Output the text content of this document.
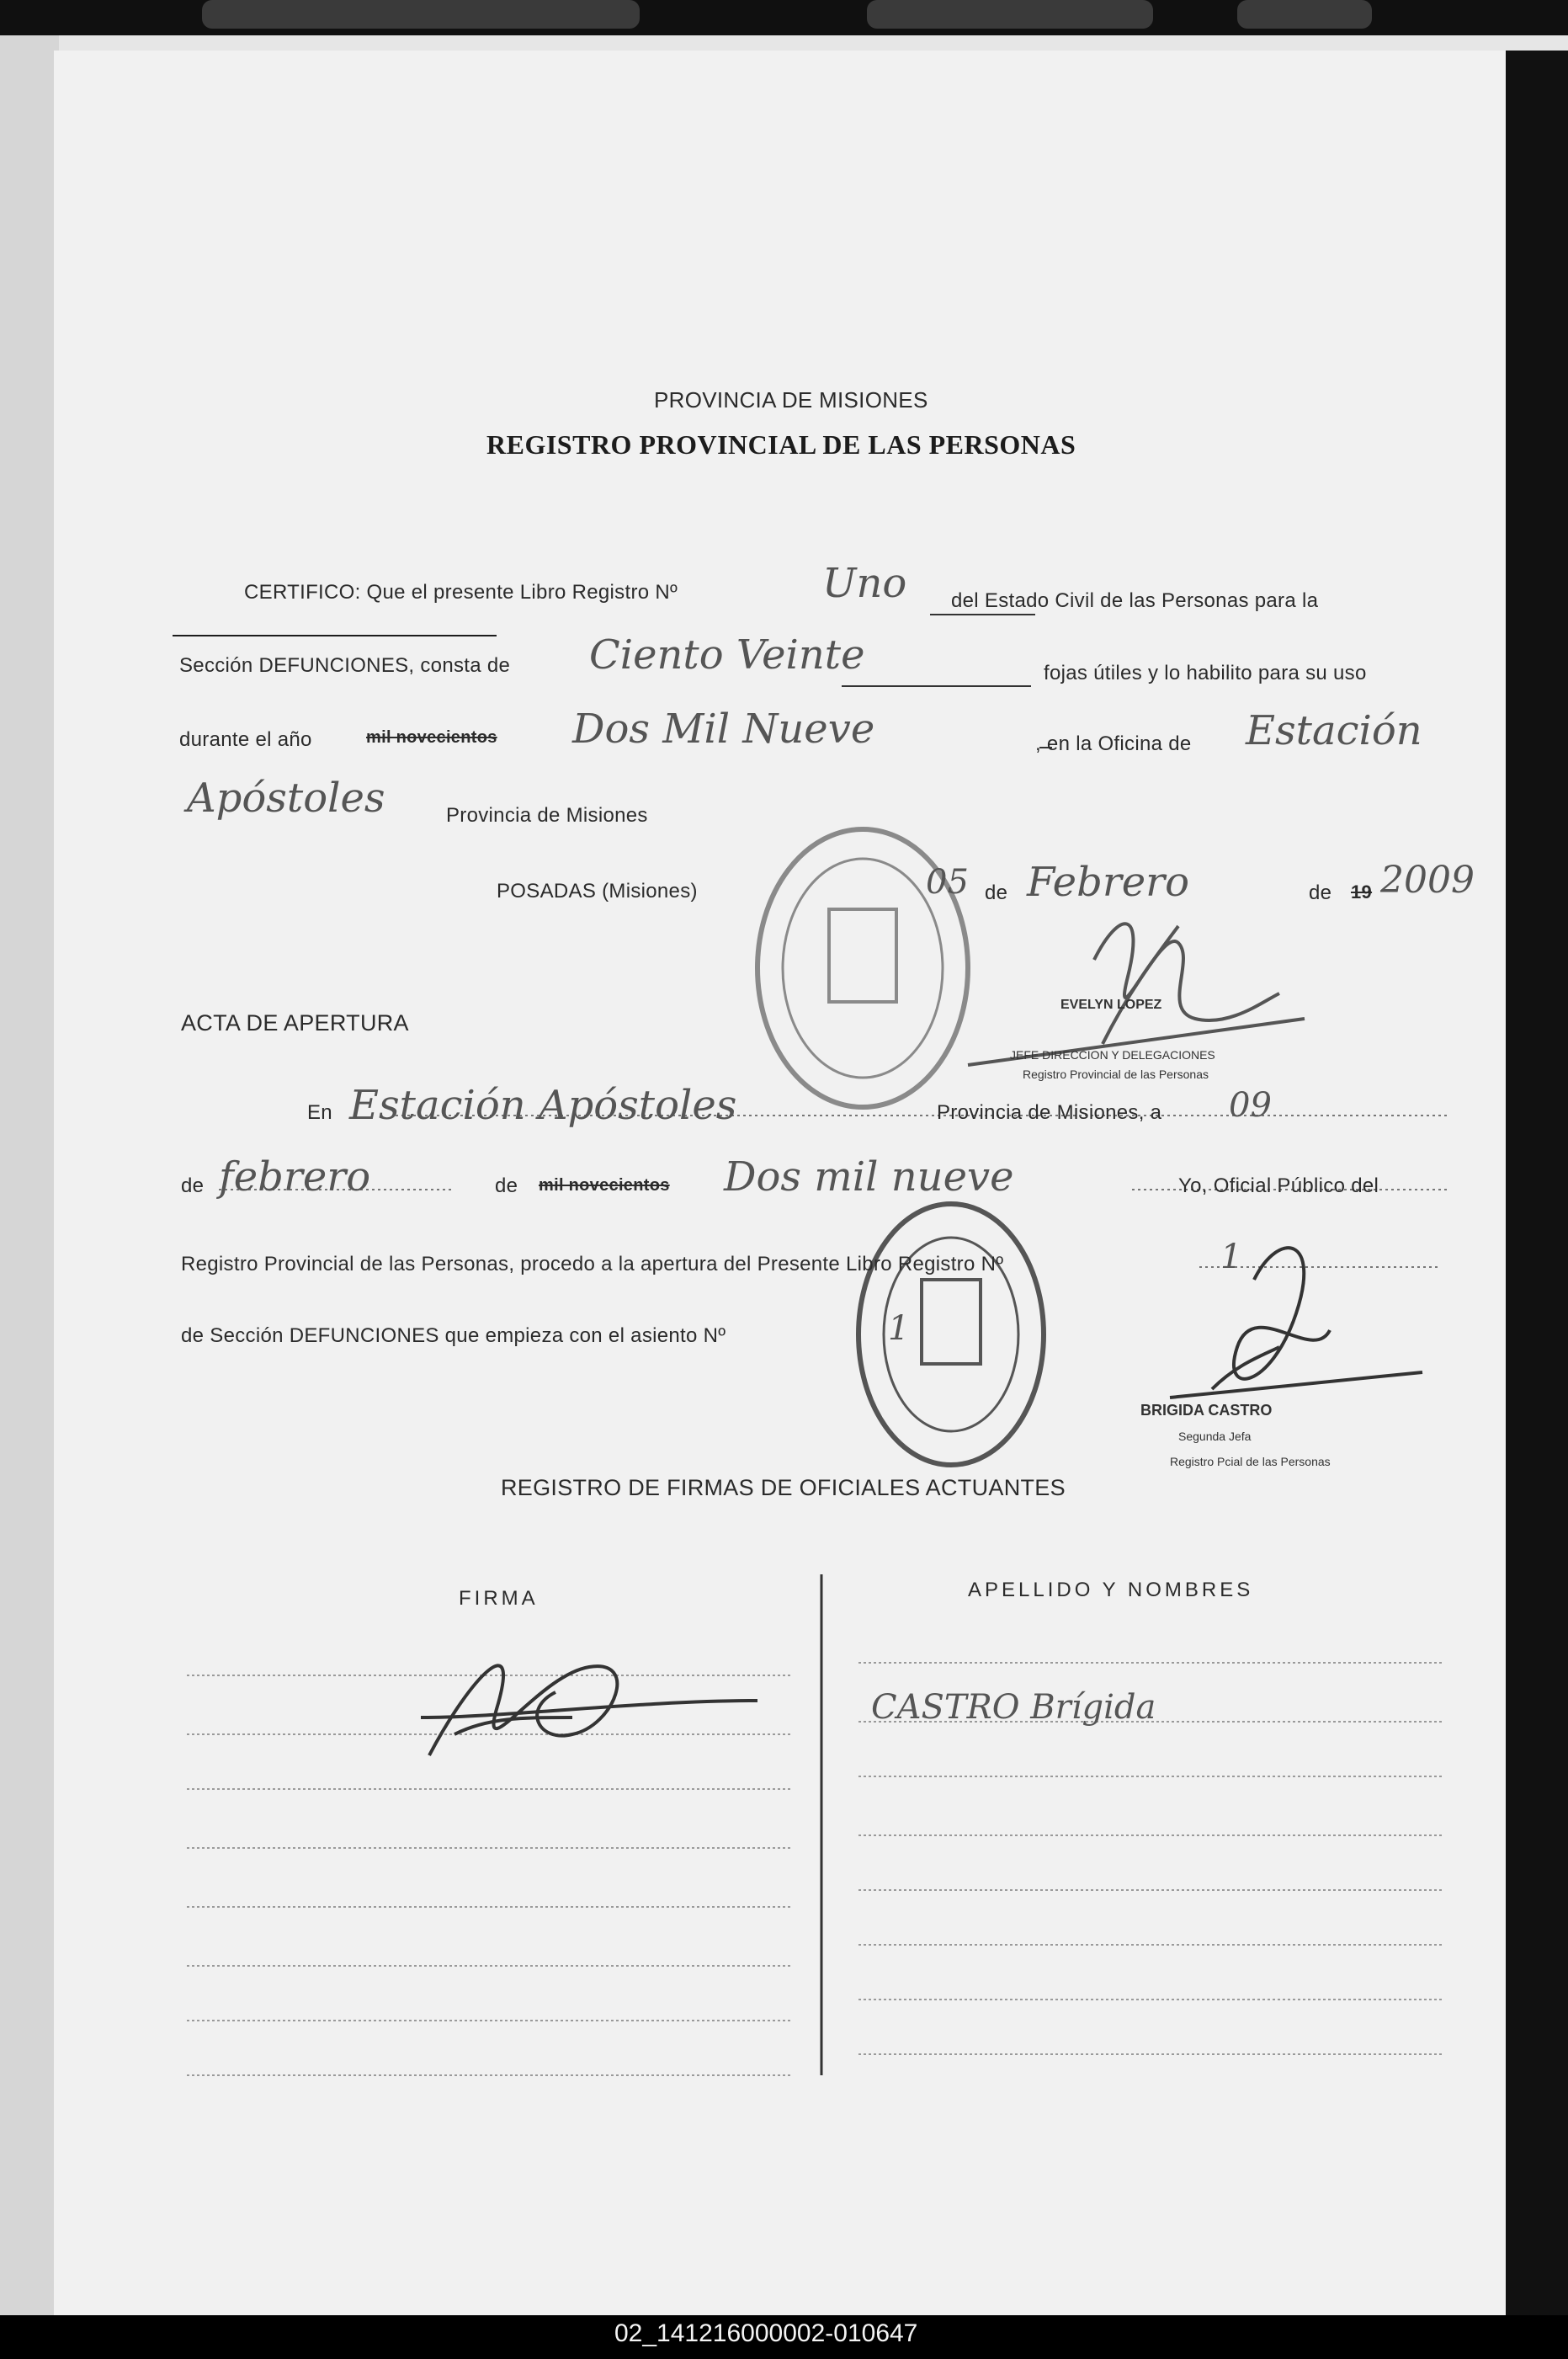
PROVINCIA DE MISIONES
REGISTRO PROVINCIAL DE LAS PERSONAS
CERTIFICO: Que el presente Libro Registro Nº	Uno del Estado Civil de las Personas para la
Sección DEFUNCIONES, consta de Ciento Veinte	fojas útiles y lo habilito para su uso
durante el año	mil novecientos Dos Mil Nueve	, en la Oficina de Estación
Apóstoles	Provincia de Misiones
POSADAS (Misiones)	05 de Febrero	de 19 2009
EVELYN LOPEZ
JEFE DIRECCION Y DELEGACIONES
Registro Provincial de las Personas
ACTA DE APERTURA
En Estación Apóstoles	Provincia de Misiones, a 09
de febrero	de mil novecientos Dos mil nueve	Yo, Oficial Público del
Registro Provincial de las Personas, procedo a la apertura del Presente Libro Registro Nº	1
de Sección DEFUNCIONES que empieza con el asiento Nº	1
BRIGIDA CASTRO
Segunda Jefa
Registro Pcial de las Personas
REGISTRO DE FIRMAS DE OFICIALES ACTUANTES
FIRMA	APELLIDO Y NOMBRES
CASTRO Brígida
02_141216000002-010647
